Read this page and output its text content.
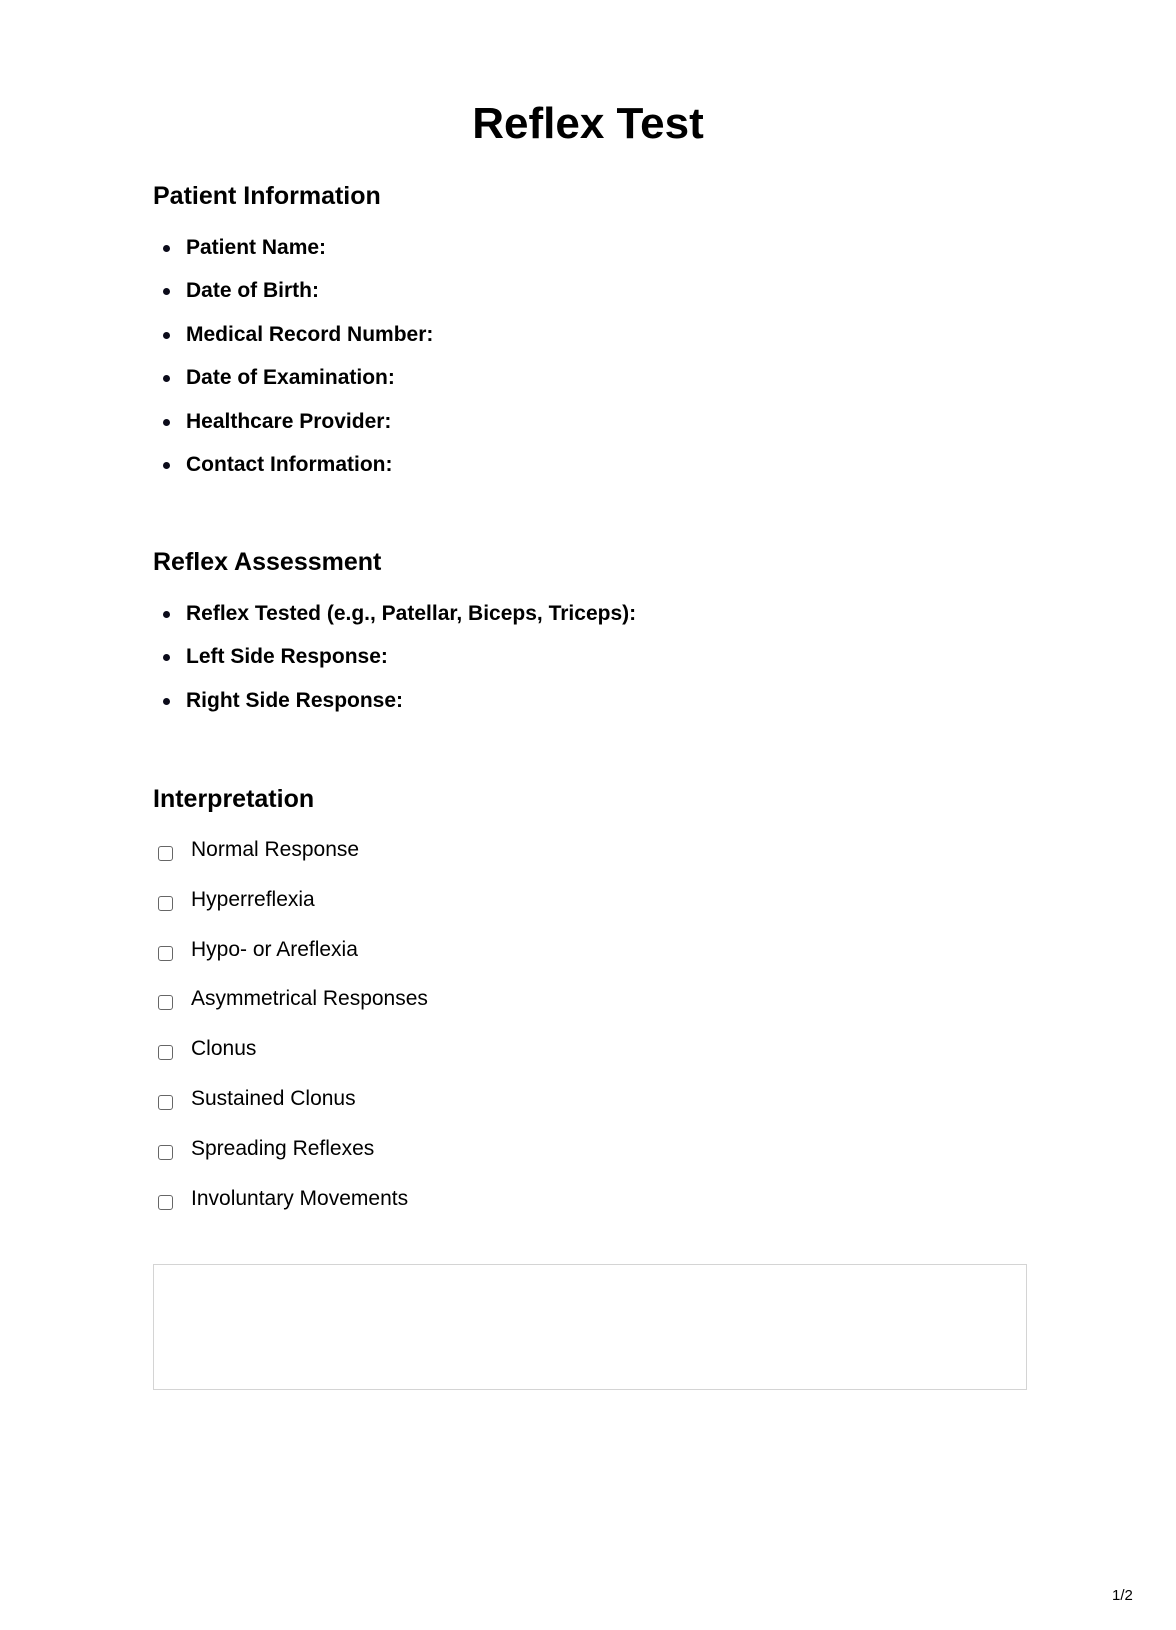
Reflex Test
Patient Information
Patient Name:
Date of Birth:
Medical Record Number:
Date of Examination:
Healthcare Provider:
Contact Information:
Reflex Assessment
Reflex Tested (e.g., Patellar, Biceps, Triceps):
Left Side Response:
Right Side Response:
Interpretation
Normal Response
Hyperreflexia
Hypo- or Areflexia
Asymmetrical Responses
Clonus
Sustained Clonus
Spreading Reflexes
Involuntary Movements
1/2
